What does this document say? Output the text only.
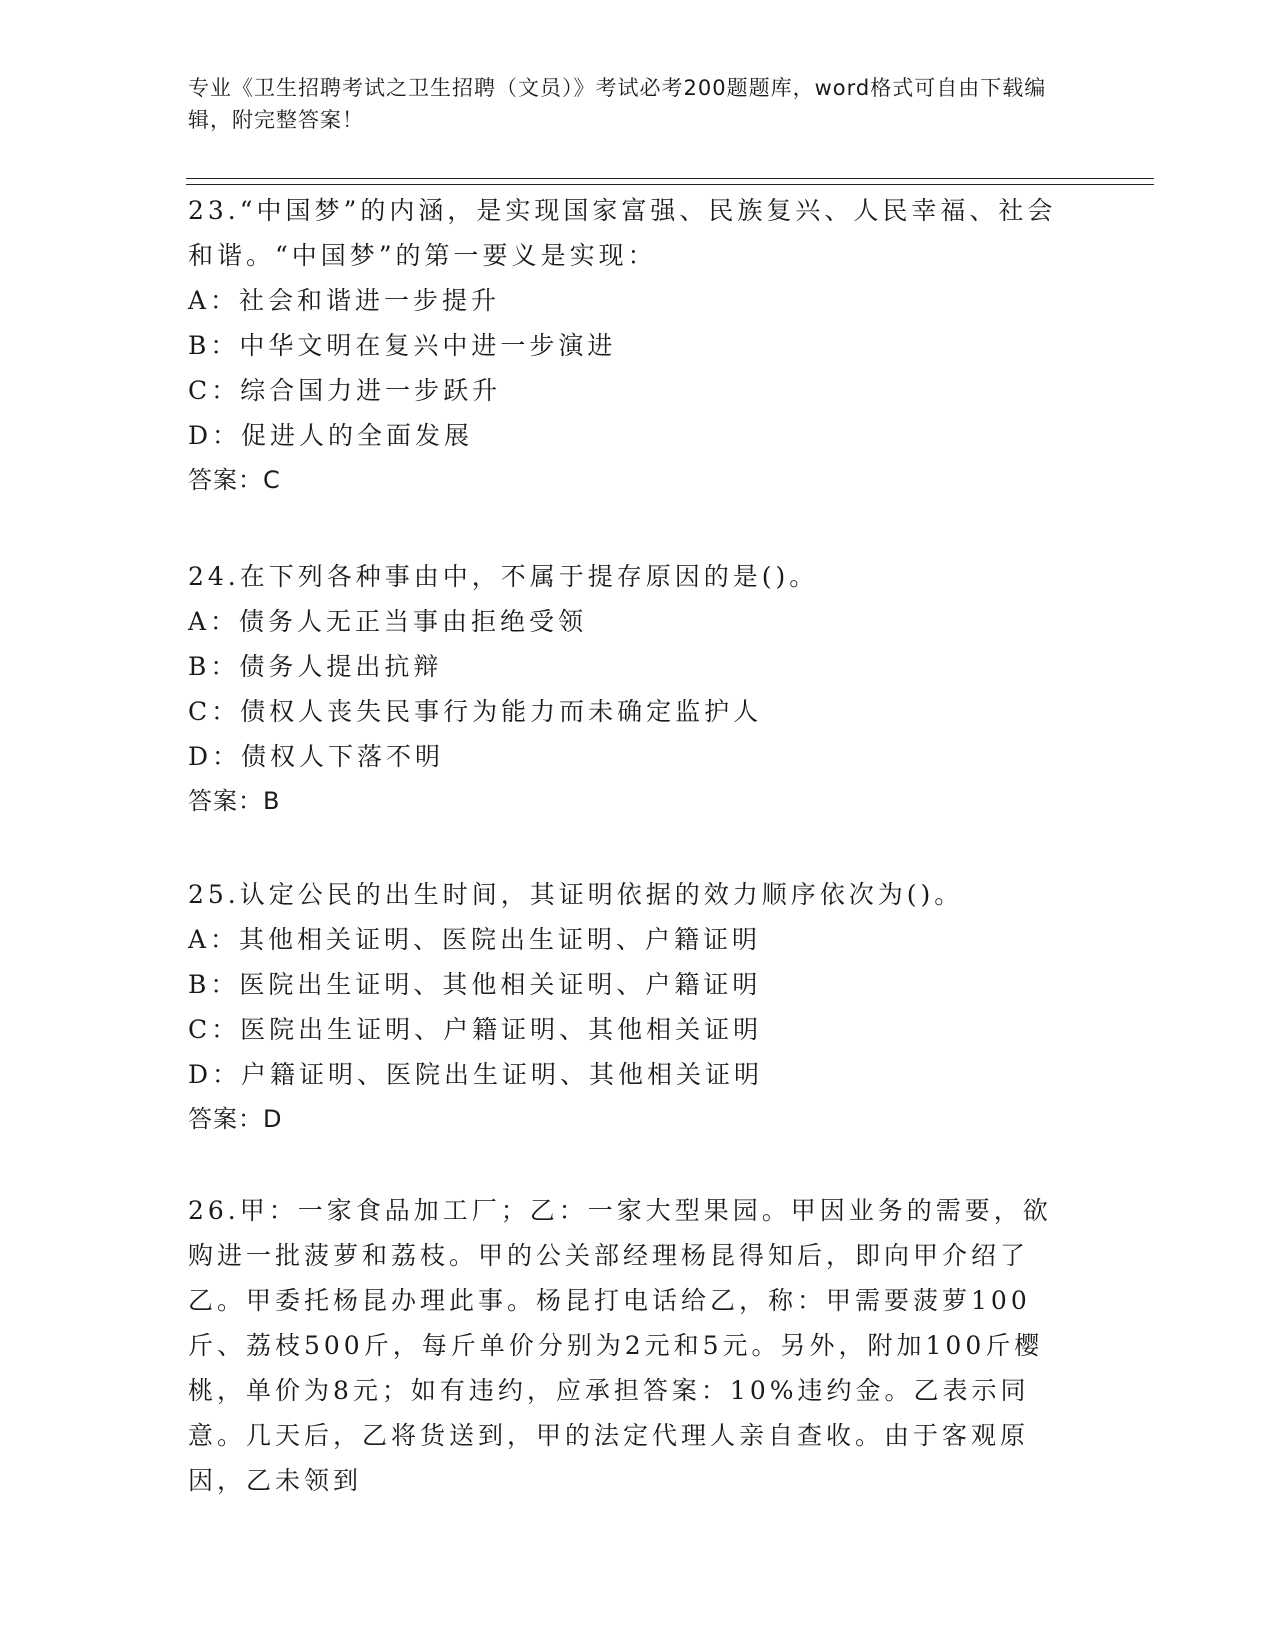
专业《卫生招聘考试之卫生招聘（文员）》考试必考200题题库，word格式可自由下载编辑，附完整答案！

23.“中国梦”的内涵，是实现国家富强、民族复兴、人民幸福、社会和谐。“中国梦”的第一要义是实现：

A：社会和谐进一步提升

B：中华文明在复兴中进一步演进

C：综合国力进一步跃升

D：促进人的全面发展

答案：C

24.在下列各种事由中，不属于提存原因的是()。

A：债务人无正当事由拒绝受领

B：债务人提出抗辩

C：债权人丧失民事行为能力而未确定监护人

D：债权人下落不明

答案：B

25.认定公民的出生时间，其证明依据的效力顺序依次为()。

A：其他相关证明、医院出生证明、户籍证明

B：医院出生证明、其他相关证明、户籍证明

C：医院出生证明、户籍证明、其他相关证明

D：户籍证明、医院出生证明、其他相关证明

答案：D

26.甲：一家食品加工厂；乙：一家大型果园。甲因业务的需要，欲购进一批菠萝和荔枝。甲的公关部经理杨昆得知后，即向甲介绍了乙。甲委托杨昆办理此事。杨昆打电话给乙，称：甲需要菠萝100斤、荔枝500斤，每斤单价分别为2元和5元。另外，附加100斤樱桃，单价为8元；如有违约，应承担答案：10%违约金。乙表示同意。几天后，乙将货送到，甲的法定代理人亲自查收。由于客观原因，乙未领到
